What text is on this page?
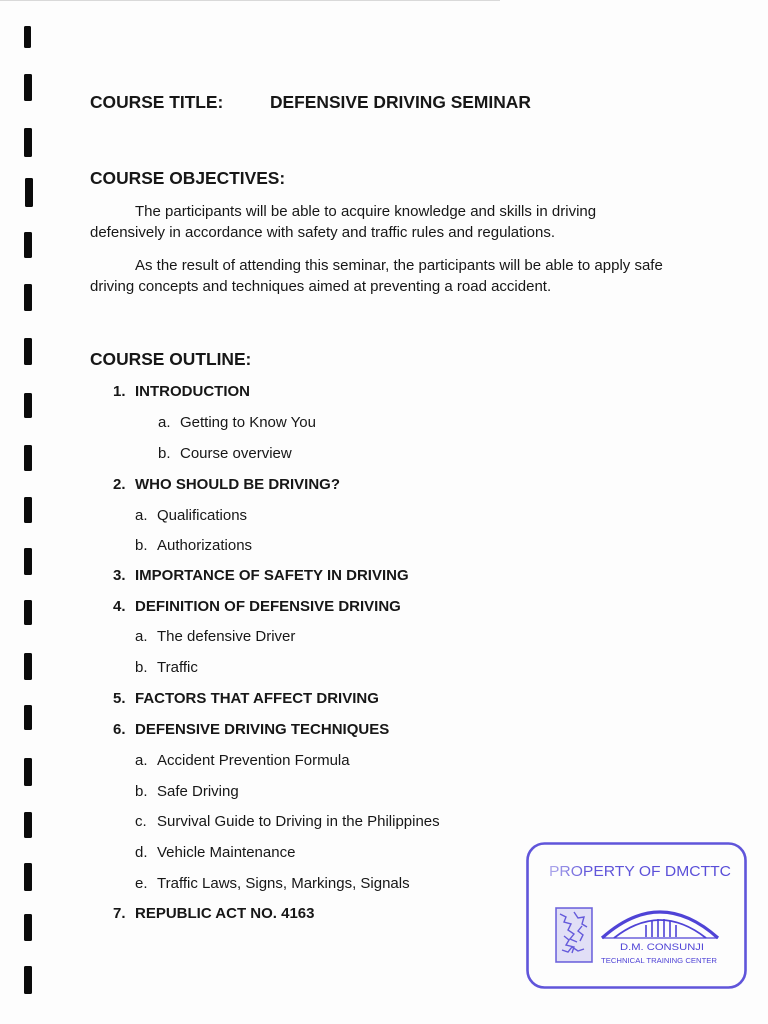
COURSE TITLE:	DEFENSIVE DRIVING SEMINAR
COURSE OBJECTIVES:
The participants will be able to acquire knowledge and skills in driving
defensively in accordance with safety and traffic rules and regulations.
As the result of attending this seminar, the participants will be able to apply safe
driving concepts and techniques aimed at preventing a road accident.
COURSE OUTLINE:
1. INTRODUCTION
a. Getting to Know You
b. Course overview
2. WHO SHOULD BE DRIVING?
a. Qualifications
b. Authorizations
3. IMPORTANCE OF SAFETY IN DRIVING
4. DEFINITION OF DEFENSIVE DRIVING
a. The defensive Driver
b. Traffic
5. FACTORS THAT AFFECT DRIVING
6. DEFENSIVE DRIVING TECHNIQUES
a. Accident Prevention Formula
b. Safe Driving
c. Survival Guide to Driving in the Philippines
d. Vehicle Maintenance
e. Traffic Laws, Signs, Markings, Signals
7. REPUBLIC ACT NO. 4163
PROPERTY OF DMCTTC
D.M. CONSUNJI
TECHNICAL TRAINING CENTER
